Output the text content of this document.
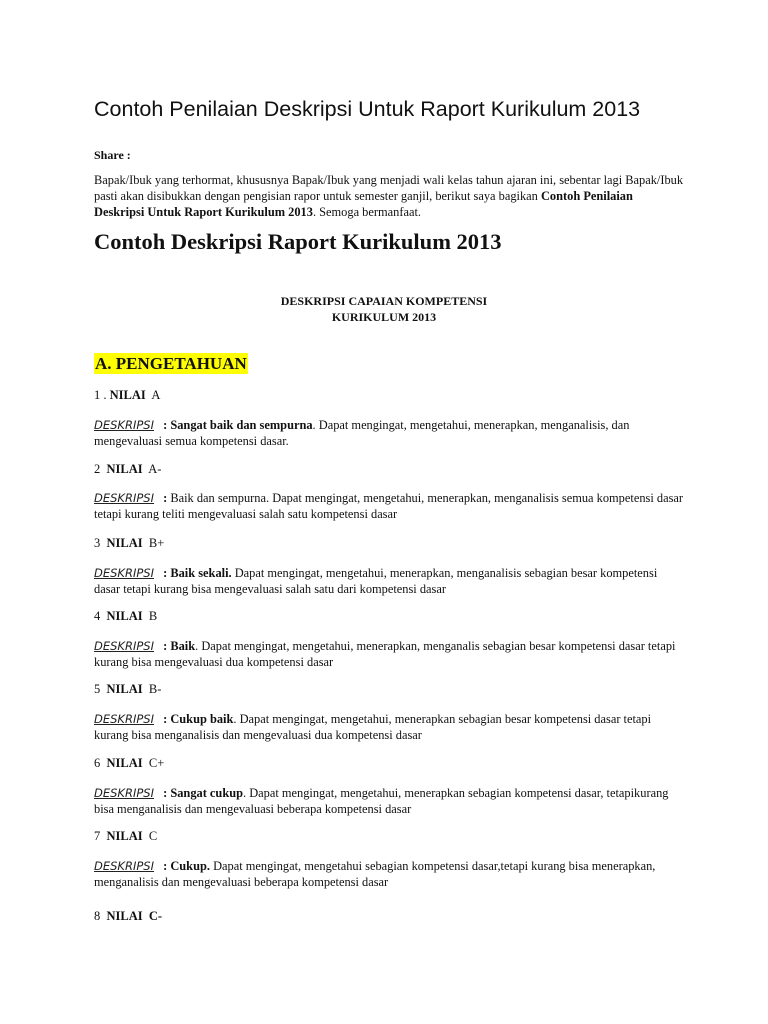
Contoh Penilaian Deskripsi Untuk Raport Kurikulum 2013
Share :

Bapak/Ibuk yang terhormat, khususnya Bapak/Ibuk yang menjadi wali kelas tahun ajaran ini, sebentar lagi Bapak/Ibuk pasti akan disibukkan dengan pengisian rapor untuk semester ganjil, berikut saya bagikan Contoh Penilaian Deskripsi Untuk Raport Kurikulum 2013. Semoga bermanfaat.

Contoh Deskripsi Raport Kurikulum 2013
DESKRIPSI CAPAIAN KOMPETENSI
KURIKULUM 2013
A. PENGETAHUAN
1 . NILAI A
DESKRIPSI : Sangat baik dan sempurna. Dapat mengingat, mengetahui, menerapkan, menganalisis, dan mengevaluasi semua kompetensi dasar.
2 NILAI A-
DESKRIPSI : Baik dan sempurna. Dapat mengingat, mengetahui, menerapkan, menganalisis semua kompetensi dasar tetapi kurang teliti mengevaluasi salah satu kompetensi dasar
3 NILAI B+
DESKRIPSI : Baik sekali. Dapat mengingat, mengetahui, menerapkan, menganalisis sebagian besar kompetensi dasar tetapi kurang bisa mengevaluasi salah satu dari kompetensi dasar
4 NILAI B
DESKRIPSI : Baik. Dapat mengingat, mengetahui, menerapkan, menganalis sebagian besar kompetensi dasar tetapi kurang bisa mengevaluasi dua kompetensi dasar
5 NILAI B-
DESKRIPSI : Cukup baik. Dapat mengingat, mengetahui, menerapkan sebagian besar kompetensi dasar tetapi kurang bisa menganalisis dan mengevaluasi dua kompetensi dasar
6 NILAI C+
DESKRIPSI : Sangat cukup. Dapat mengingat, mengetahui, menerapkan sebagian kompetensi dasar, tetapikurang bisa menganalisis dan mengevaluasi beberapa kompetensi dasar
7 NILAI C
DESKRIPSI : Cukup. Dapat mengingat, mengetahui sebagian kompetensi dasar,tetapi kurang bisa menerapkan, menganalisis dan mengevaluasi beberapa kompetensi dasar
8 NILAI C-
